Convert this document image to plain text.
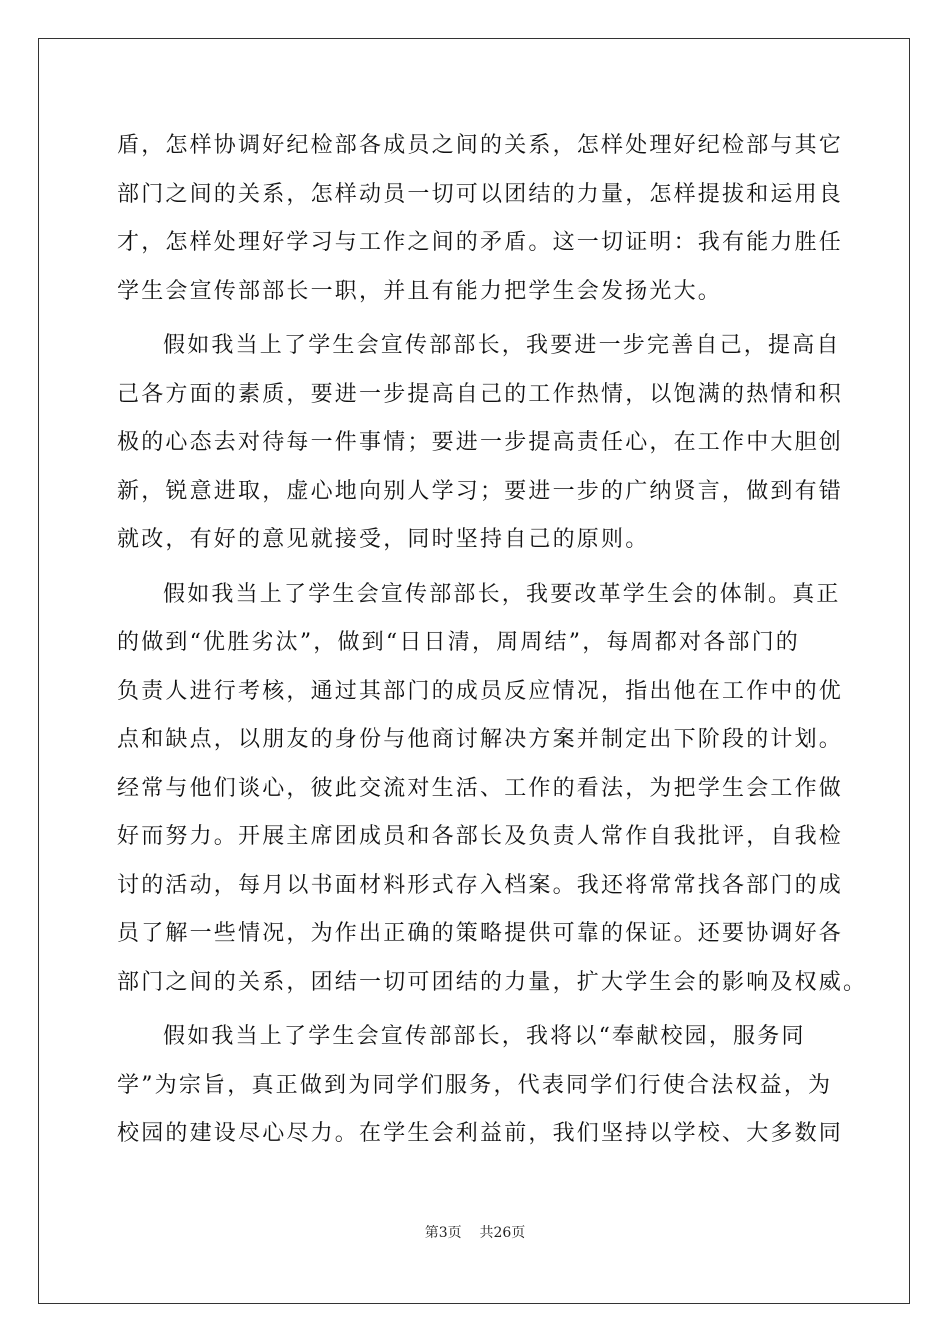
盾，怎样协调好纪检部各成员之间的关系，怎样处理好纪检部与其它
部门之间的关系，怎样动员一切可以团结的力量，怎样提拔和运用良
才，怎样处理好学习与工作之间的矛盾。这一切证明：我有能力胜任
学生会宣传部部长一职，并且有能力把学生会发扬光大。
假如我当上了学生会宣传部部长，我要进一步完善自己，提高自
己各方面的素质，要进一步提高自己的工作热情，以饱满的热情和积
极的心态去对待每一件事情；要进一步提高责任心，在工作中大胆创
新，锐意进取，虚心地向别人学习；要进一步的广纳贤言，做到有错
就改，有好的意见就接受，同时坚持自己的原则。
假如我当上了学生会宣传部部长，我要改革学生会的体制。真正
的做到“优胜劣汰”，做到“日日清，周周结”，每周都对各部门的
负责人进行考核，通过其部门的成员反应情况，指出他在工作中的优
点和缺点，以朋友的身份与他商讨解决方案并制定出下阶段的计划。
经常与他们谈心，彼此交流对生活、工作的看法，为把学生会工作做
好而努力。开展主席团成员和各部长及负责人常作自我批评，自我检
讨的活动，每月以书面材料形式存入档案。我还将常常找各部门的成
员了解一些情况，为作出正确的策略提供可靠的保证。还要协调好各
部门之间的关系，团结一切可团结的力量，扩大学生会的影响及权威。
假如我当上了学生会宣传部部长，我将以“奉献校园，服务同
学”为宗旨，真正做到为同学们服务，代表同学们行使合法权益，为
校园的建设尽心尽力。在学生会利益前，我们坚持以学校、大多数同
第3页    共26页
